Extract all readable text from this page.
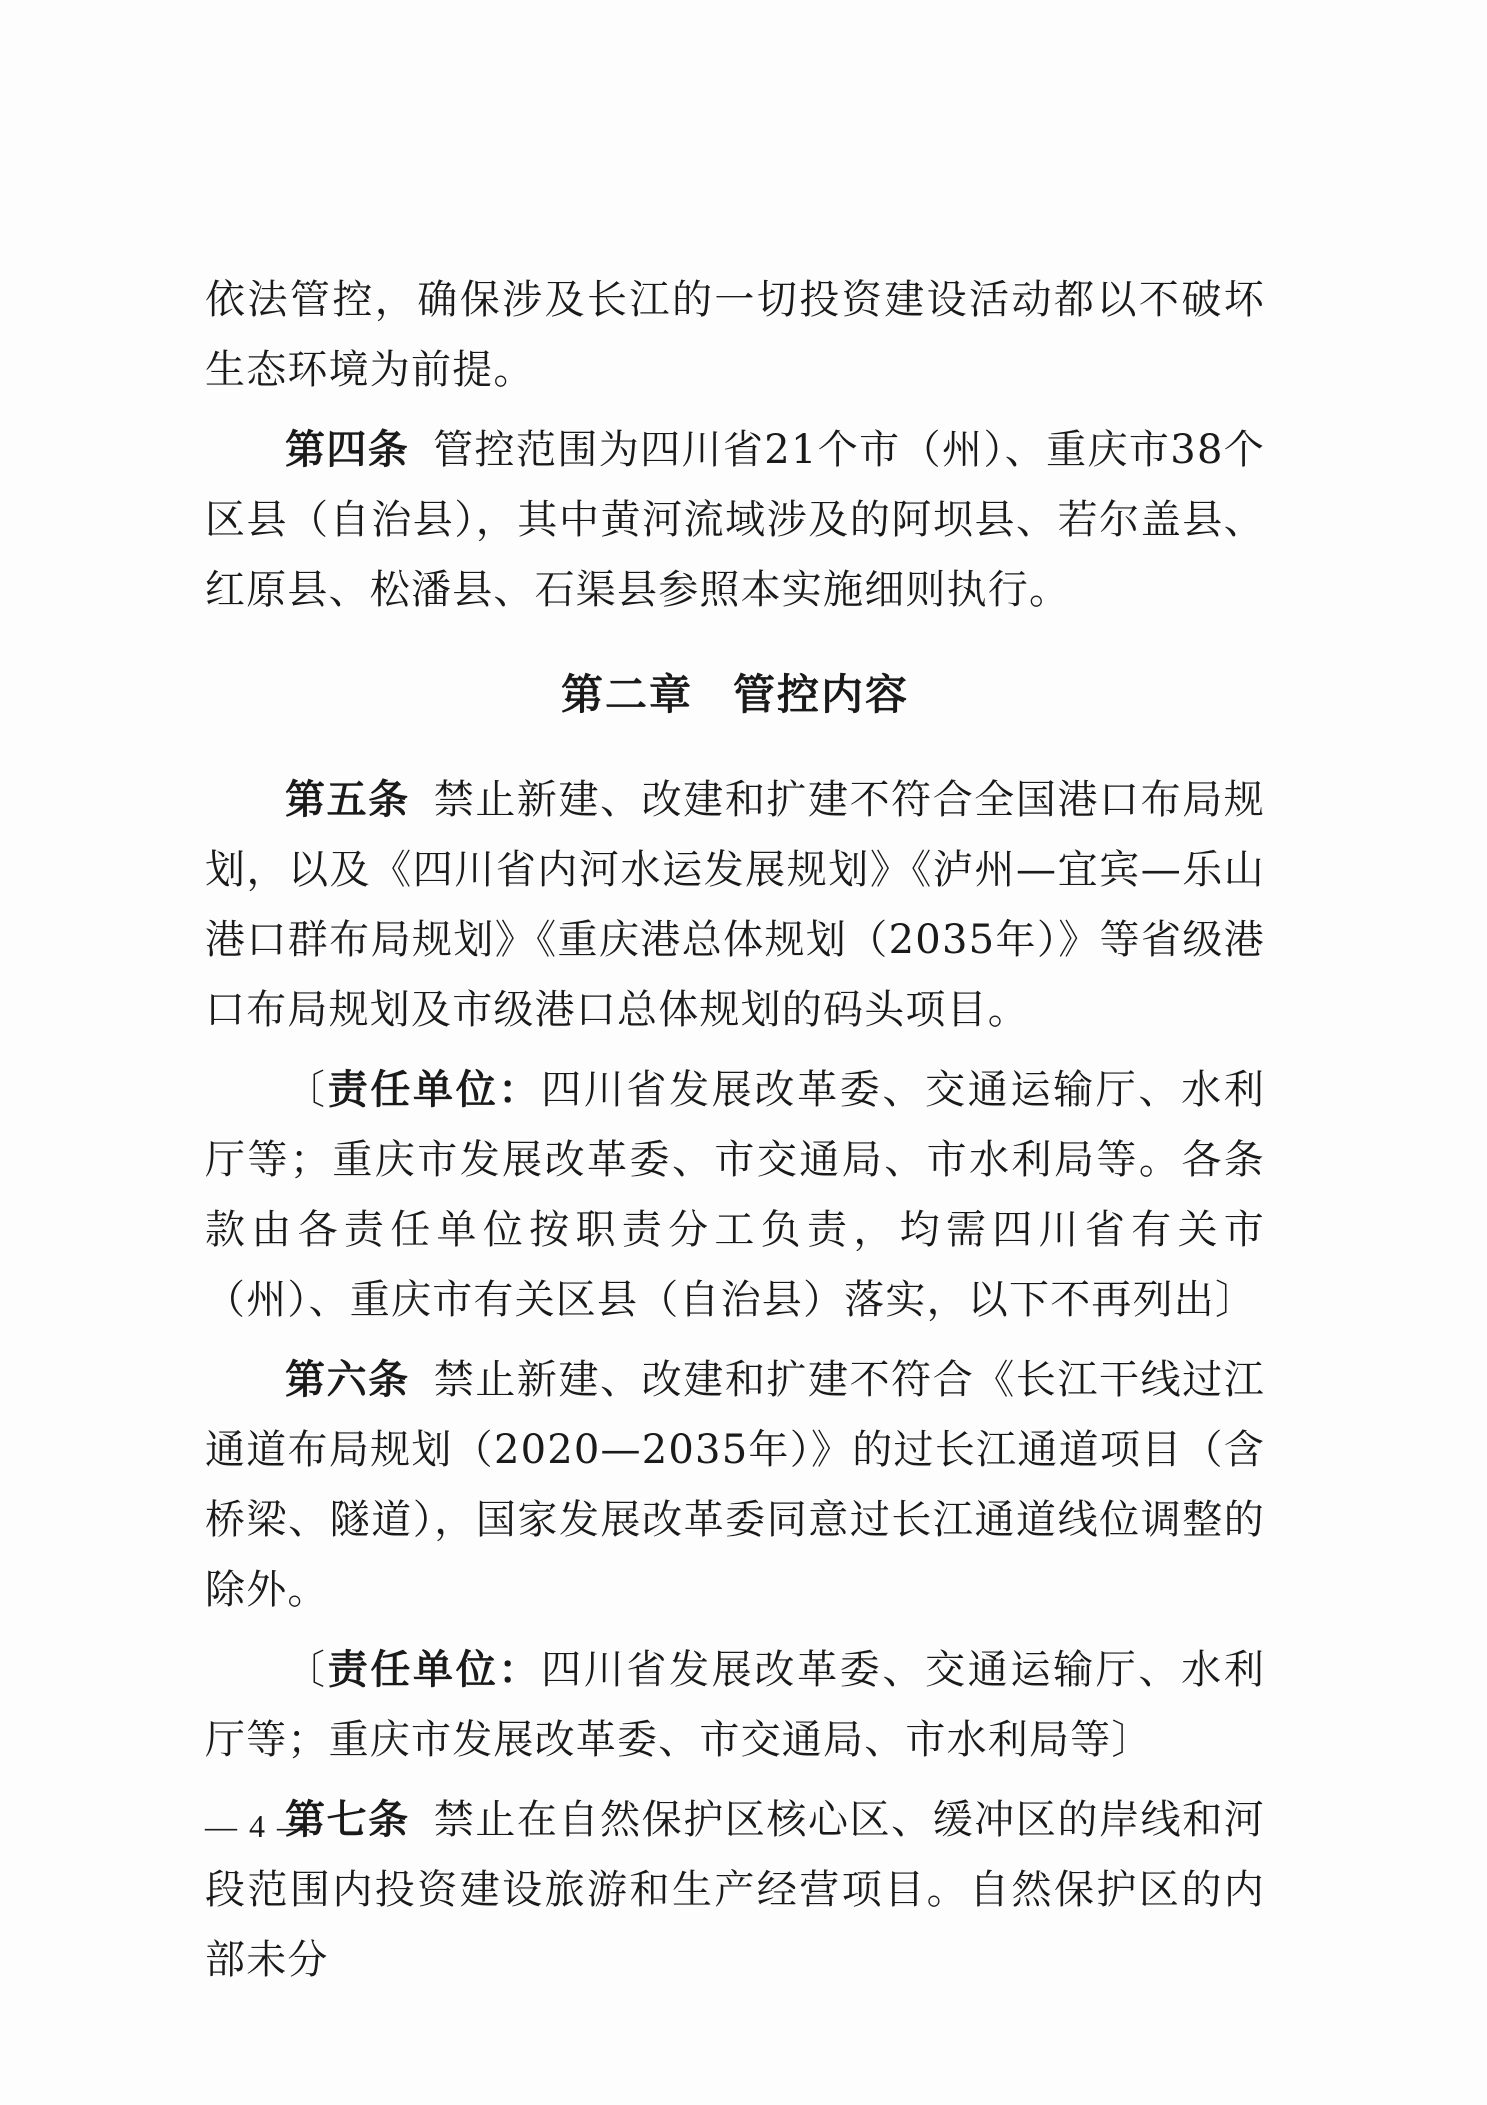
依法管控，确保涉及长江的一切投资建设活动都以不破坏生态环境为前提。

第四条 管控范围为四川省21个市（州）、重庆市38个区县（自治县），其中黄河流域涉及的阿坝县、若尔盖县、红原县、松潘县、石渠县参照本实施细则执行。

第二章 管控内容

第五条 禁止新建、改建和扩建不符合全国港口布局规划，以及《四川省内河水运发展规划》《泸州—宜宾—乐山港口群布局规划》《重庆港总体规划（2035年）》等省级港口布局规划及市级港口总体规划的码头项目。

〔责任单位：四川省发展改革委、交通运输厅、水利厅等；重庆市发展改革委、市交通局、市水利局等。各条款由各责任单位按职责分工负责，均需四川省有关市（州）、重庆市有关区县（自治县）落实，以下不再列出〕

第六条 禁止新建、改建和扩建不符合《长江干线过江通道布局规划（2020—2035年）》的过长江通道项目（含桥梁、隧道），国家发展改革委同意过长江通道线位调整的除外。

〔责任单位：四川省发展改革委、交通运输厅、水利厅等；重庆市发展改革委、市交通局、市水利局等〕

第七条 禁止在自然保护区核心区、缓冲区的岸线和河段范围内投资建设旅游和生产经营项目。自然保护区的内部未分

— 4 —
